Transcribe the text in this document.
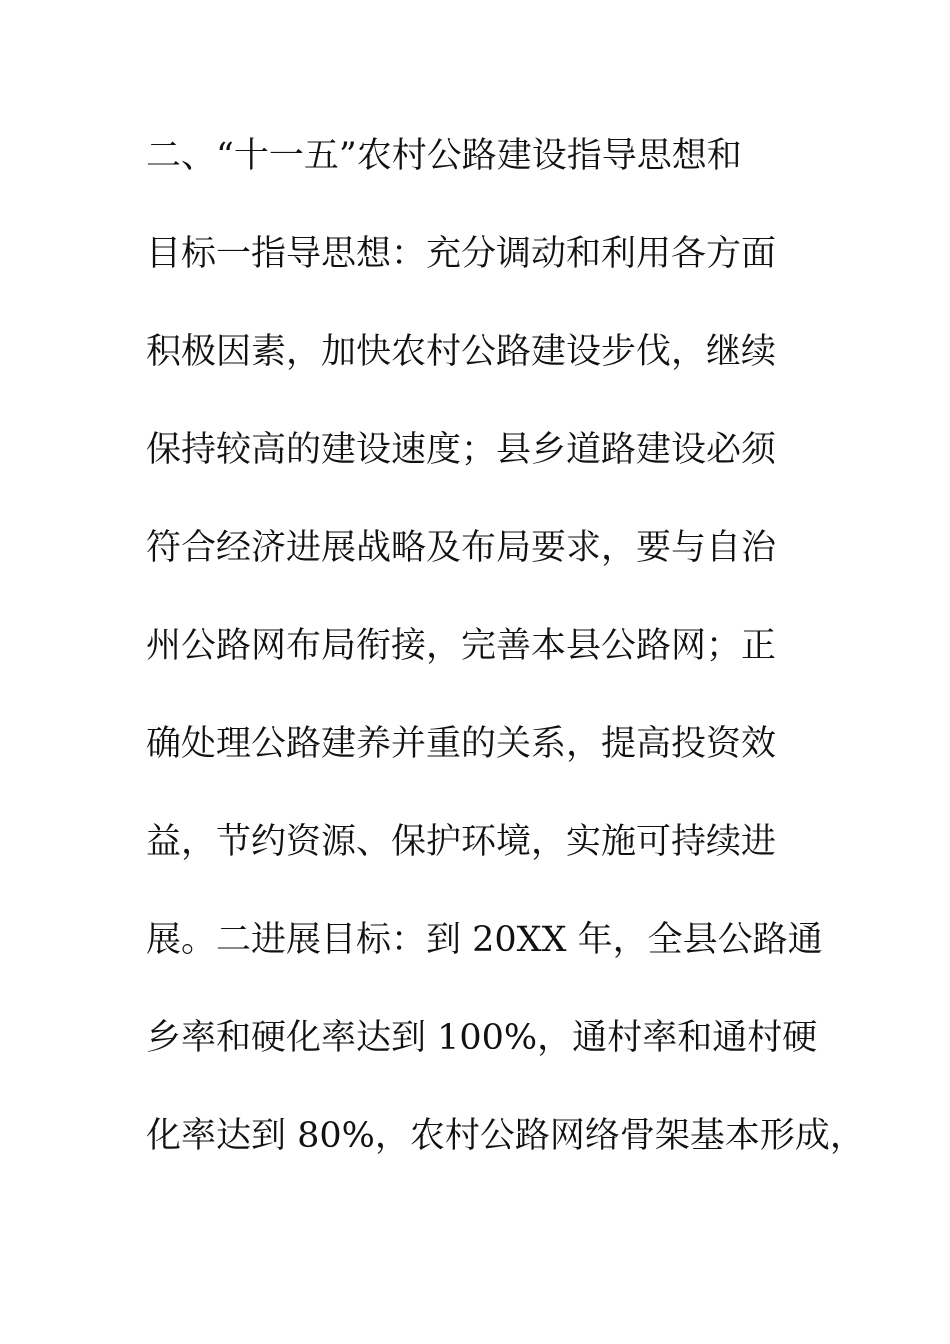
二、“十一五”农村公路建设指导思想和
目标一指导思想：充分调动和利用各方面
积极因素，加快农村公路建设步伐，继续
保持较高的建设速度；县乡道路建设必须
符合经济进展战略及布局要求，要与自治
州公路网布局衔接，完善本县公路网；正
确处理公路建养并重的关系，提高投资效
益，节约资源、保护环境，实施可持续进
展。二进展目标：到 20XX 年，全县公路通
乡率和硬化率达到 100%，通村率和通村硬
化率达到 80%，农村公路网络骨架基本形成，
